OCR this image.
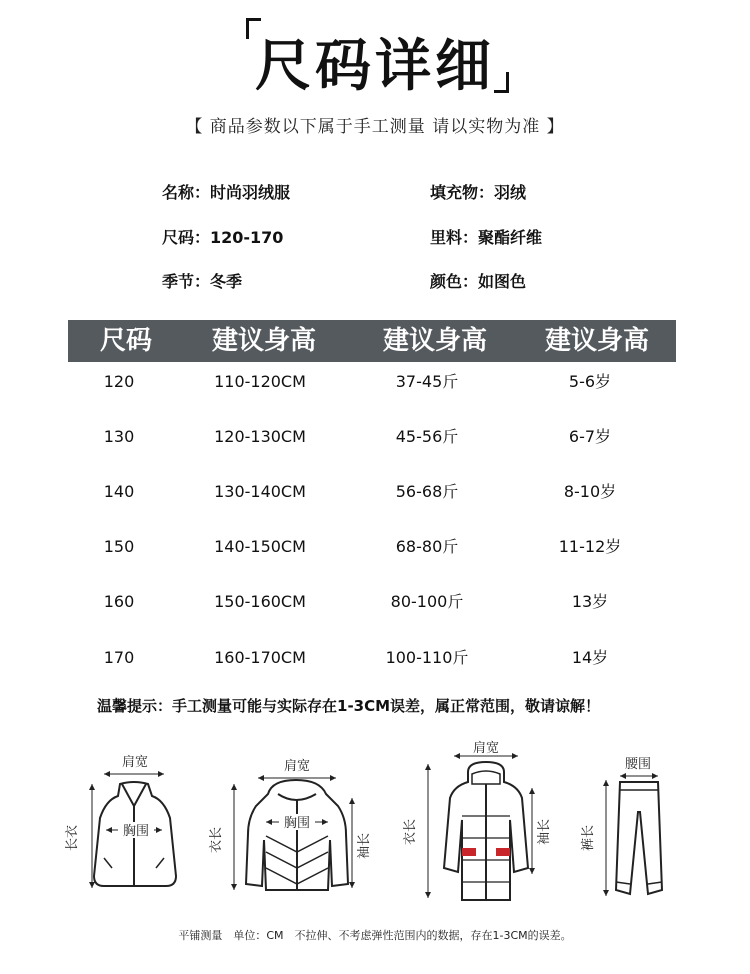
尺码详细
【 商品参数以下属于手工测量 请以实物为准 】
名称：时尚羽绒服	填充物：羽绒
尺码：120-170	里料：聚酯纤维
季节：冬季	颜色：如图色
尺码	建议身高	建议身高	建议身高
120	110-120CM	37-45斤	5-6岁
130	120-130CM	45-56斤	6-7岁
140	130-140CM	56-68斤	8-10岁
150	140-150CM	68-80斤	11-12岁
160	150-160CM	80-100斤	13岁
170	160-170CM	100-110斤	14岁
温馨提示：手工测量可能与实际存在1-3CM误差，属正常范围，敬请谅解！
肩宽
胸围
长衣
肩宽
胸围
衣长	袖长
肩宽
衣长	袖长
腰围
裤长
平铺测量　单位：CM　不拉伸、不考虑弹性范围内的数据，存在1-3CM的误差。
